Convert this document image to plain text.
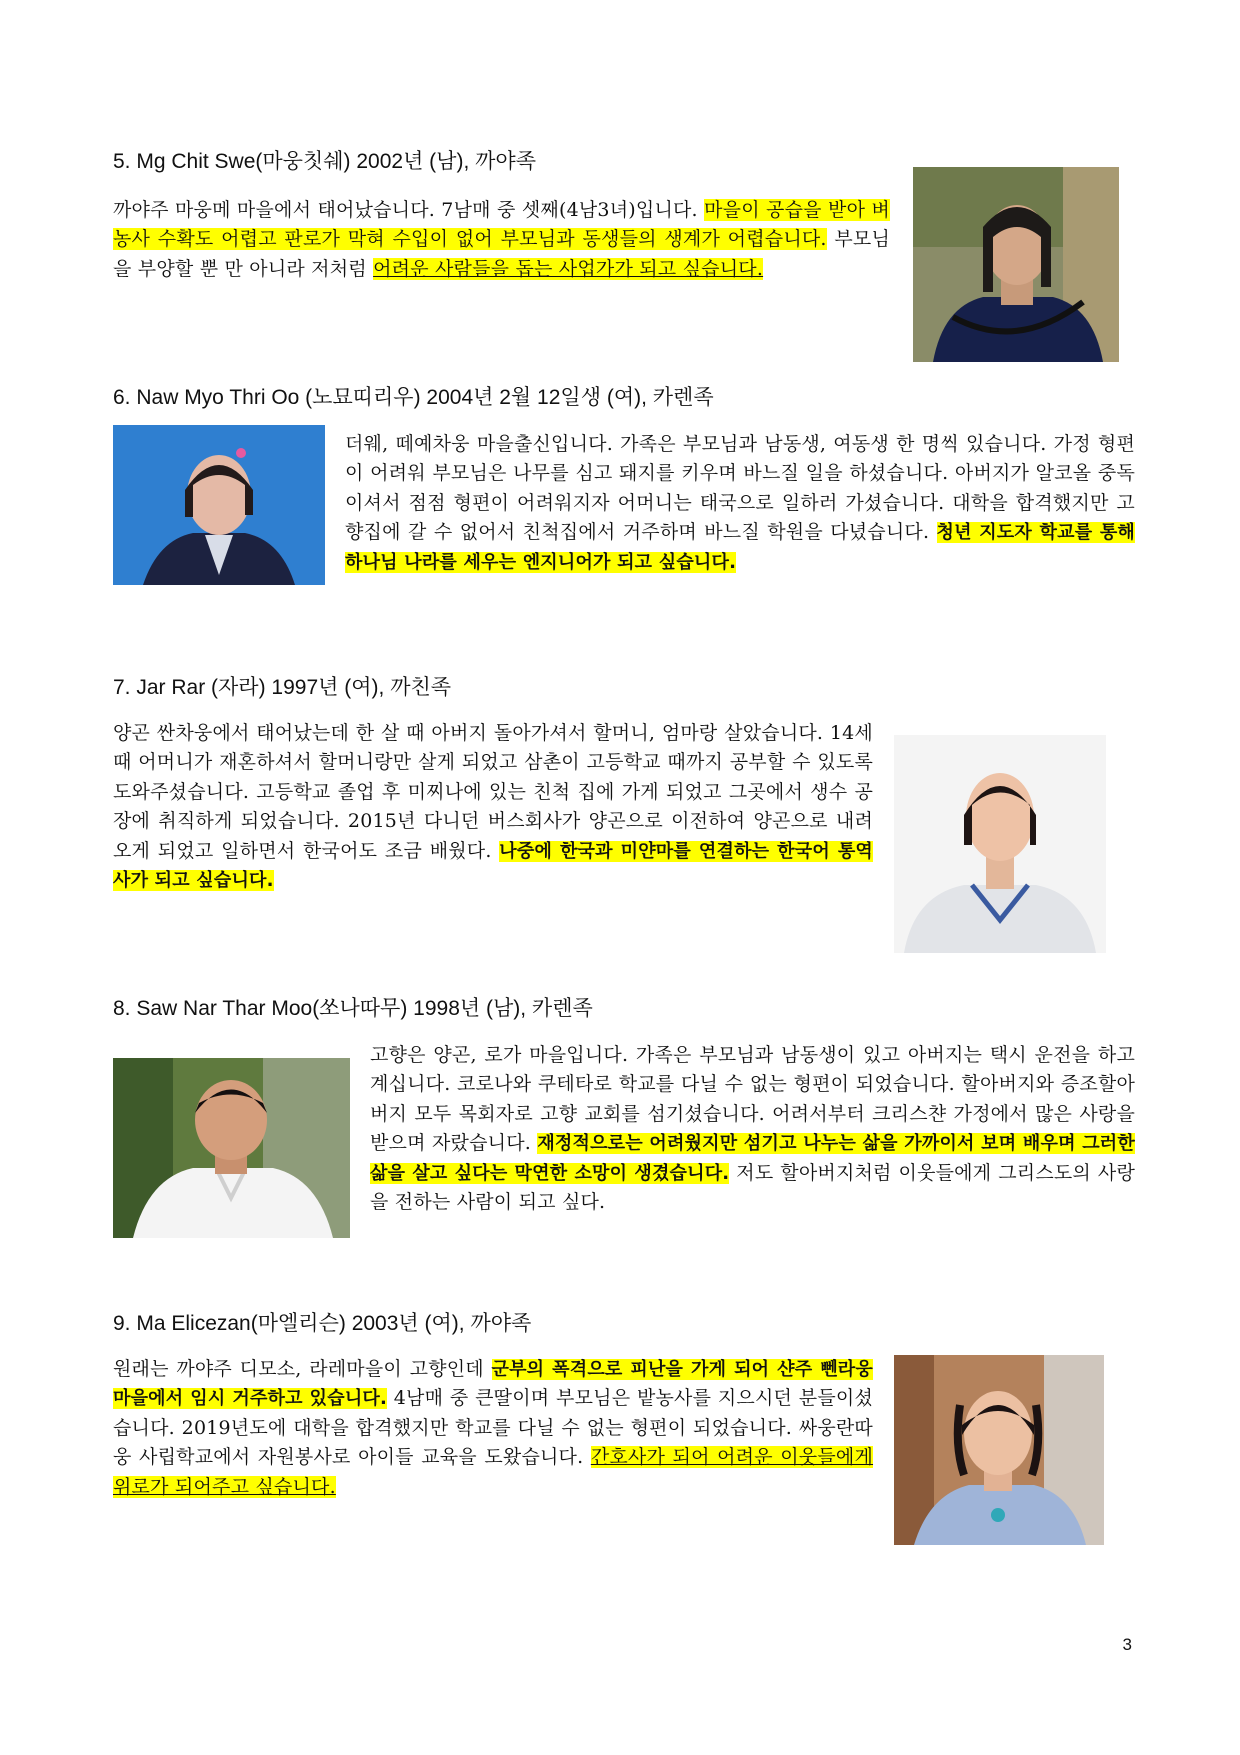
5. Mg Chit Swe(마웅칫쉐) 2002년 (남), 까야족

까야주 마웅메 마을에서 태어났습니다. 7남매 중 셋째(4남3녀)입니다. 마을이 공습을 받아 벼농사 수확도 어렵고 판로가 막혀 수입이 없어 부모님과 동생들의 생계가 어렵습니다. 부모님을 부양할 뿐 만 아니라 저처럼 어려운 사람들을 돕는 사업가가 되고 싶습니다.

6. Naw Myo Thri Oo (노묘띠리우) 2004년 2월 12일생 (여), 카렌족

더웨, 떼예차웅 마을출신입니다. 가족은 부모님과 남동생, 여동생 한 명씩 있습니다. 가정 형편이 어려워 부모님은 나무를 심고 돼지를 키우며 바느질 일을 하셨습니다. 아버지가 알코올 중독이셔서 점점 형편이 어려워지자 어머니는 태국으로 일하러 가셨습니다. 대학을 합격했지만 고향집에 갈 수 없어서 친척집에서 거주하며 바느질 학원을 다녔습니다. 청년 지도자 학교를 통해 하나님 나라를 세우는 엔지니어가 되고 싶습니다.

7. Jar Rar (자라) 1997년 (여), 까친족

양곤 싼차웅에서 태어났는데 한 살 때 아버지 돌아가셔서 할머니, 엄마랑 살았습니다. 14세 때 어머니가 재혼하셔서 할머니랑만 살게 되었고 삼촌이 고등학교 때까지 공부할 수 있도록 도와주셨습니다. 고등학교 졸업 후 미찌나에 있는 친척 집에 가게 되었고 그곳에서 생수 공장에 취직하게 되었습니다. 2015년 다니던 버스회사가 양곤으로 이전하여 양곤으로 내려오게 되었고 일하면서 한국어도 조금 배웠다. 나중에 한국과 미얀마를 연결하는 한국어 통역사가 되고 싶습니다.

8. Saw Nar Thar Moo(쏘나따무) 1998년 (남), 카렌족

고향은 양곤, 로가 마을입니다. 가족은 부모님과 남동생이 있고 아버지는 택시 운전을 하고 계십니다. 코로나와 쿠테타로 학교를 다닐 수 없는 형편이 되었습니다. 할아버지와 증조할아버지 모두 목회자로 고향 교회를 섬기셨습니다. 어려서부터 크리스챤 가정에서 많은 사랑을 받으며 자랐습니다. 재정적으로는 어려웠지만 섬기고 나누는 삶을 가까이서 보며 배우며 그러한 삶을 살고 싶다는 막연한 소망이 생겼습니다. 저도 할아버지처럼 이웃들에게 그리스도의 사랑을 전하는 사람이 되고 싶다.

9. Ma Elicezan(마엘리슨) 2003년 (여), 까야족

원래는 까야주 디모소, 라레마을이 고향인데 군부의 폭격으로 피난을 가게 되어 샨주 뻰라웅 마을에서 임시 거주하고 있습니다. 4남매 중 큰딸이며 부모님은 밭농사를 지으시던 분들이셨습니다. 2019년도에 대학을 합격했지만 학교를 다닐 수 없는 형편이 되었습니다. 싸웅란따웅 사립학교에서 자원봉사로 아이들 교육을 도왔습니다. 간호사가 되어 어려운 이웃들에게 위로가 되어주고 싶습니다.

3
